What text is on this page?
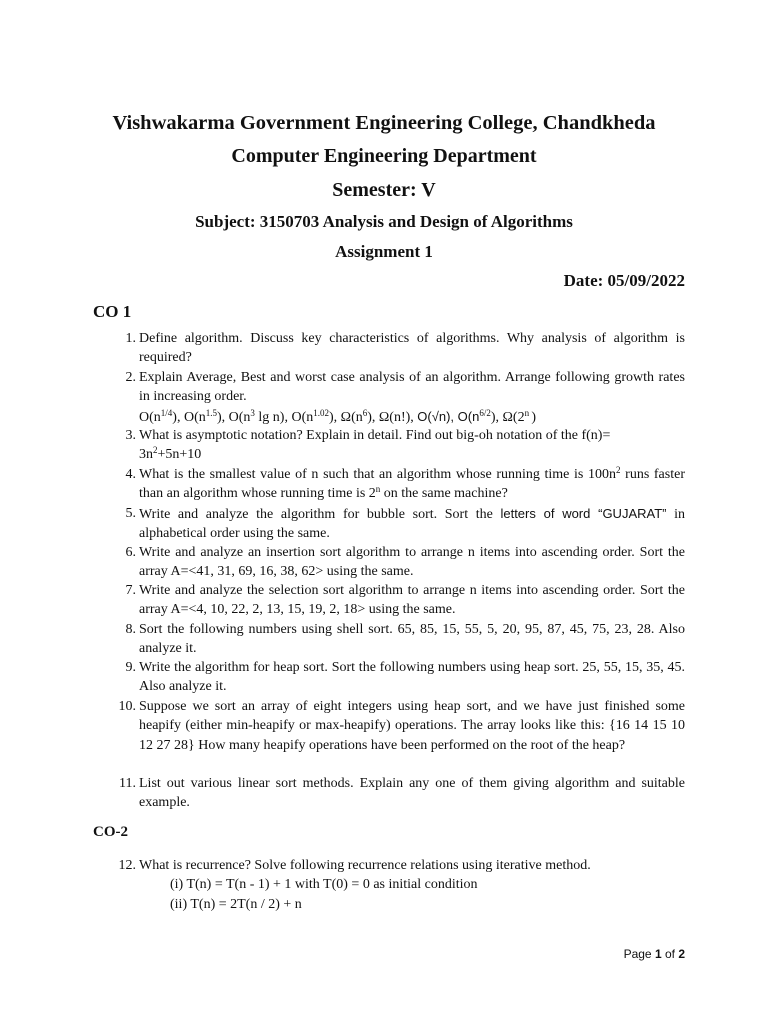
Vishwakarma Government Engineering College, Chandkheda
Computer Engineering Department
Semester: V
Subject: 3150703 Analysis and Design of Algorithms
Assignment 1
Date: 05/09/2022
CO 1
1. Define algorithm. Discuss key characteristics of algorithms. Why analysis of algorithm is required?
2. Explain Average, Best and worst case analysis of an algorithm. Arrange following growth rates in increasing order.
$O(n^{1/4})$, $O(n^{1.5})$, $O(n^3$ lg n), $O(n^{1.02})$, $\Omega(n^6)$, Ω(n!), O(√n), $O(n^{6/2})$, Ω(2$^n$ )
3. What is asymptotic notation? Explain in detail. Find out big-oh notation of the f(n)=
$3n^2+5n+10$
4. What is the smallest value of n such that an algorithm whose running time is $100n^2$ runs faster than an algorithm whose running time is 2$^n$ on the same machine?
5. Write and analyze the algorithm for bubble sort. Sort the letters of word “GUJARAT” in alphabetical order using the same.
6. Write and analyze an insertion sort algorithm to arrange n items into ascending order. Sort the array A=<41, 31, 69, 16, 38, 62> using the same.
7. Write and analyze the selection sort algorithm to arrange n items into ascending order. Sort the array A=<4, 10, 22, 2, 13, 15, 19, 2, 18> using the same.
8. Sort the following numbers using shell sort. 65, 85, 15, 55, 5, 20, 95, 87, 45, 75, 23, 28. Also analyze it.
9. Write the algorithm for heap sort. Sort the following numbers using heap sort. 25, 55, 15, 35, 45. Also analyze it.
10. Suppose we sort an array of eight integers using heap sort, and we have just finished some heapify (either min-heapify or max-heapify) operations. The array looks like this: {16 14 15 10 12 27 28} How many heapify operations have been performed on the root of the heap?
11. List out various linear sort methods. Explain any one of them giving algorithm and suitable example.
CO-2
12. What is recurrence? Solve following recurrence relations using iterative method.
(i) T(n) = T(n - 1) + 1 with T(0) = 0 as initial condition
(ii) T(n) = 2T(n / 2) + n
Page 1 of 2
